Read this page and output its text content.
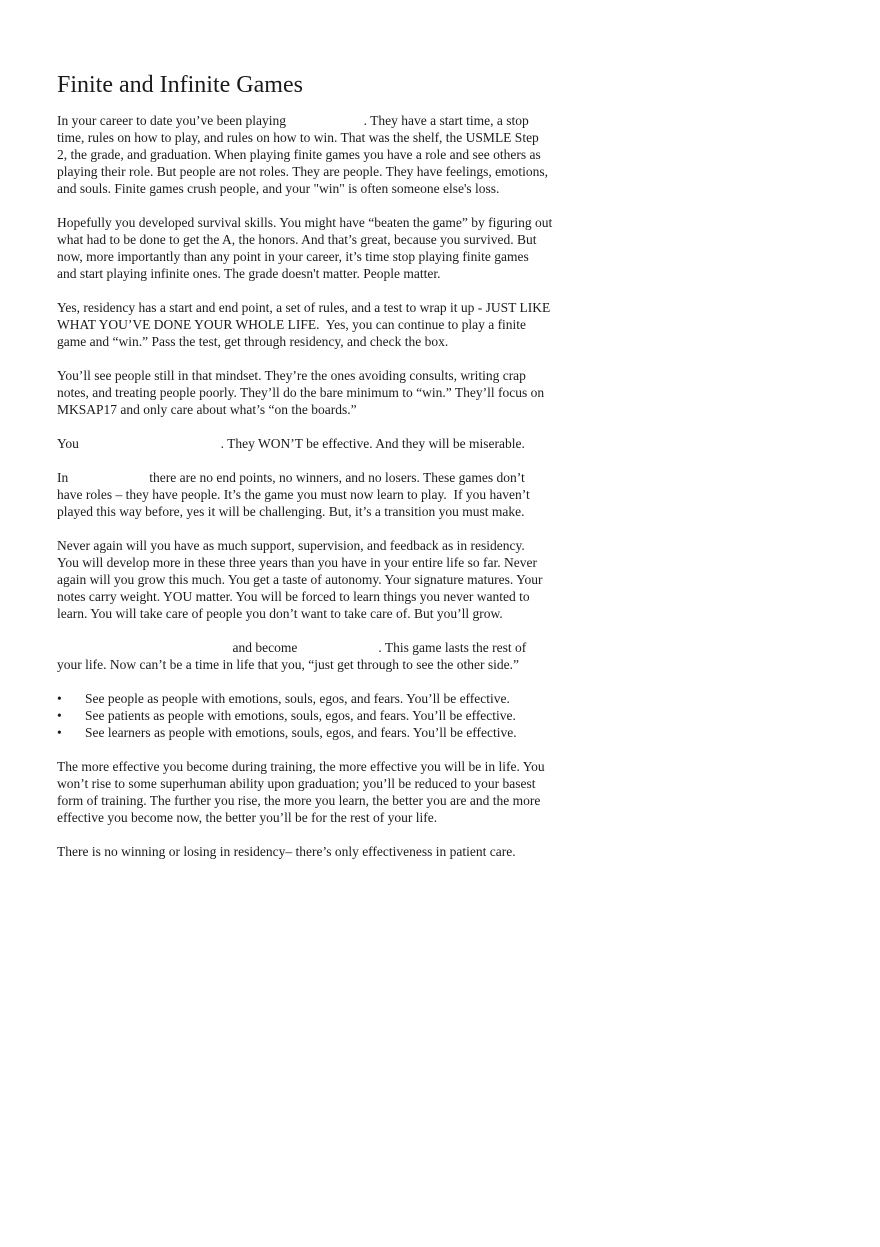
Finite and Infinite Games
In your career to date you’ve been playing                       . They have a start time, a stop
time, rules on how to play, and rules on how to win. That was the shelf, the USMLE Step
2, the grade, and graduation. When playing finite games you have a role and see others as
playing their role. But people are not roles. They are people. They have feelings, emotions,
and souls. Finite games crush people, and your "win" is often someone else's loss.
Hopefully you developed survival skills. You might have “beaten the game” by figuring out
what had to be done to get the A, the honors. And that’s great, because you survived. But
now, more importantly than any point in your career, it’s time stop playing finite games
and start playing infinite ones. The grade doesn't matter. People matter.
Yes, residency has a start and end point, a set of rules, and a test to wrap it up - JUST LIKE
WHAT YOU’VE DONE YOUR WHOLE LIFE.  Yes, you can continue to play a finite
game and “win.” Pass the test, get through residency, and check the box.
You’ll see people still in that mindset. They’re the ones avoiding consults, writing crap
notes, and treating people poorly. They’ll do the bare minimum to “win.” They’ll focus on
MKSAP17 and only care about what’s “on the boards.”
You                                          . They WON’T be effective. And they will be miserable.
In                        there are no end points, no winners, and no losers. These games don’t
have roles – they have people. It’s the game you must now learn to play.  If you haven’t
played this way before, yes it will be challenging. But, it’s a transition you must make.
Never again will you have as much support, supervision, and feedback as in residency.
You will develop more in these three years than you have in your entire life so far. Never
again will you grow this much. You get a taste of autonomy. Your signature matures. Your
notes carry weight. YOU matter. You will be forced to learn things you never wanted to
learn. You will take care of people you don’t want to take care of. But you’ll grow.
and become                        . This game lasts the rest of
your life. Now can’t be a time in life that you, “just get through to see the other side.”

•

See people as people with emotions, souls, egos, and fears. You’ll be effective.

•

See patients as people with emotions, souls, egos, and fears. You’ll be effective.

•

See learners as people with emotions, souls, egos, and fears. You’ll be effective.

The more effective you become during training, the more effective you will be in life. You
won’t rise to some superhuman ability upon graduation; you’ll be reduced to your basest
form of training. The further you rise, the more you learn, the better you are and the more
effective you become now, the better you’ll be for the rest of your life.
There is no winning or losing in residency– there’s only effectiveness in patient care.
